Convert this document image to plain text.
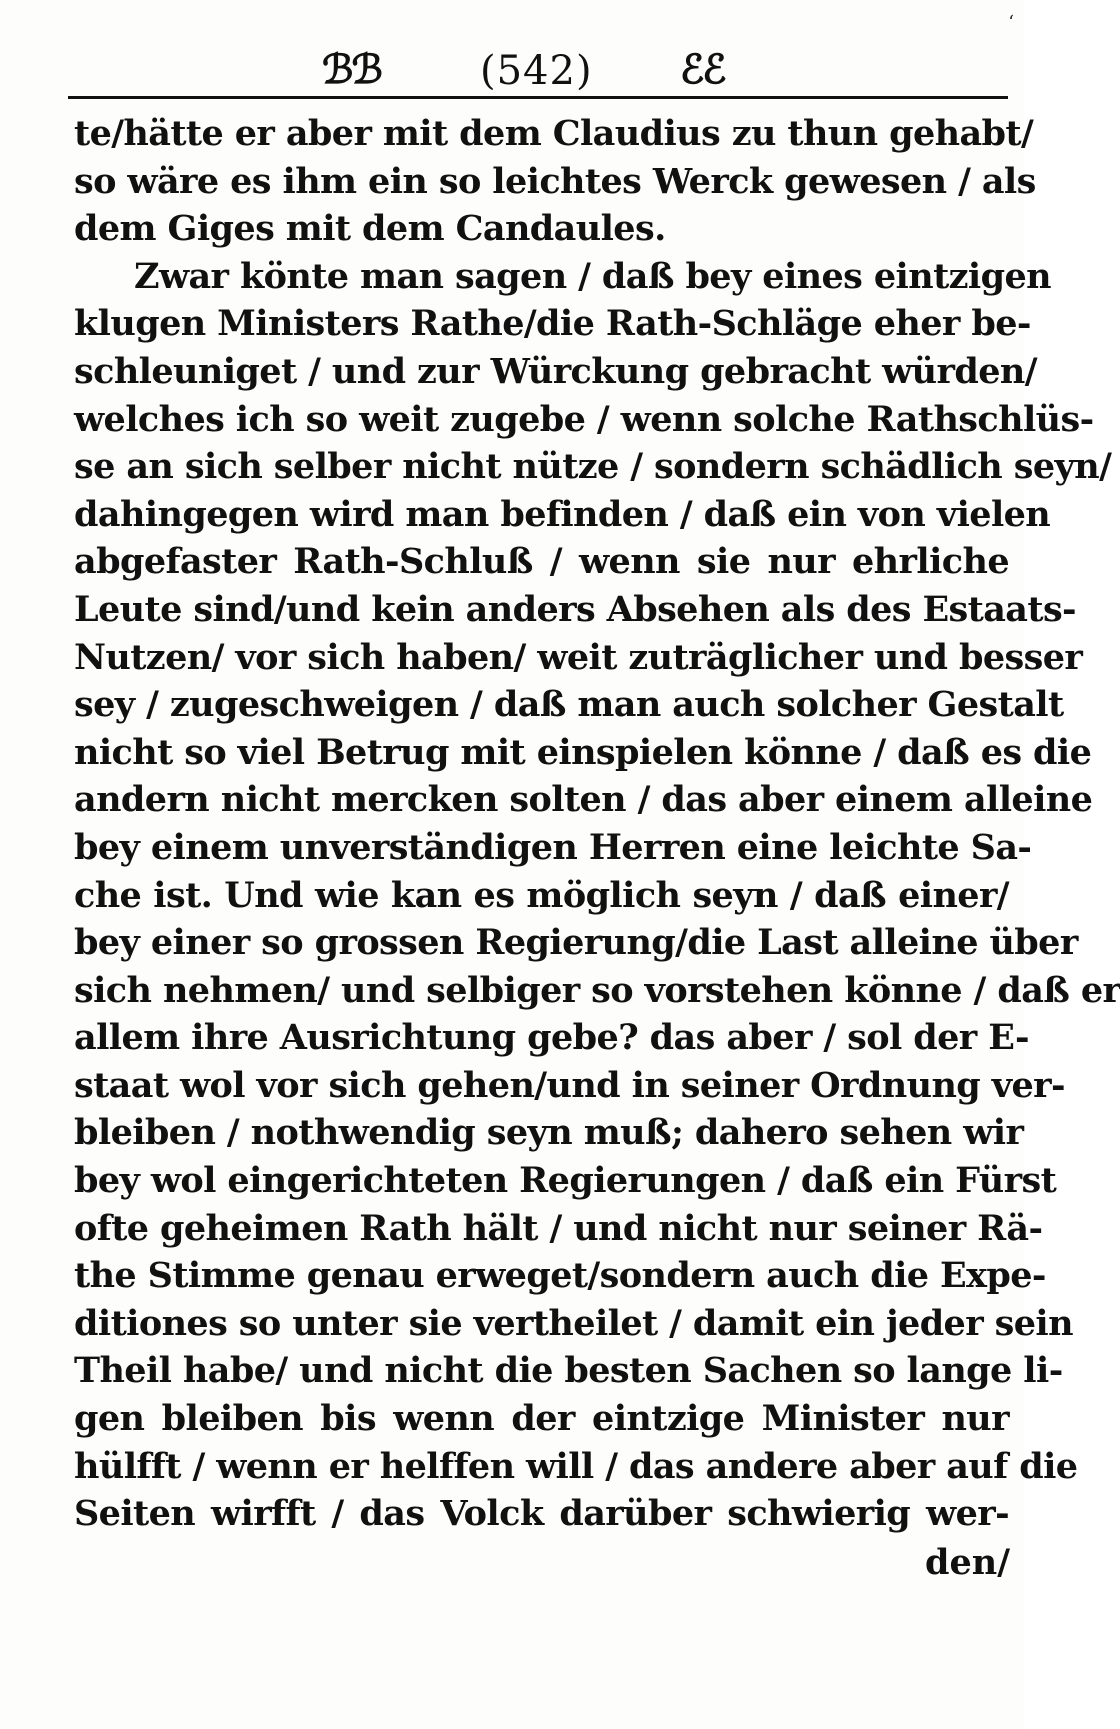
‘
ℬℬ (542) ℰℰ
te/hätte er aber mit dem Claudius zu thun gehabt/
so wäre es ihm ein so leichtes Werck gewesen / als
dem Giges mit dem Candaules.
Zwar könte man sagen / daß bey eines eintzigen
klugen Ministers Rathe/die Rath-Schläge eher be-
schleuniget / und zur Würckung gebracht würden/
welches ich so weit zugebe / wenn solche Rathschlüs-
se an sich selber nicht nütze / sondern schädlich seyn/
dahingegen wird man befinden / daß ein von vielen
abgefaster Rath-Schluß / wenn sie nur ehrliche
Leute sind/und kein anders Absehen als des Estaats-
Nutzen/ vor sich haben/ weit zuträglicher und besser
sey / zugeschweigen / daß man auch solcher Gestalt
nicht so viel Betrug mit einspielen könne / daß es die
andern nicht mercken solten / das aber einem alleine
bey einem unverständigen Herren eine leichte Sa-
che ist. Und wie kan es möglich seyn / daß einer/
bey einer so grossen Regierung/die Last alleine über
sich nehmen/ und selbiger so vorstehen könne / daß er
allem ihre Ausrichtung gebe? das aber / sol der E-
staat wol vor sich gehen/und in seiner Ordnung ver-
bleiben / nothwendig seyn muß; dahero sehen wir
bey wol eingerichteten Regierungen / daß ein Fürst
ofte geheimen Rath hält / und nicht nur seiner Rä-
the Stimme genau erweget/sondern auch die Expe-
ditiones so unter sie vertheilet / damit ein jeder sein
Theil habe/ und nicht die besten Sachen so lange li-
gen bleiben bis wenn der eintzige Minister nur
hülfft / wenn er helffen will / das andere aber auf die
Seiten wirfft / das Volck darüber schwierig wer-
den/
